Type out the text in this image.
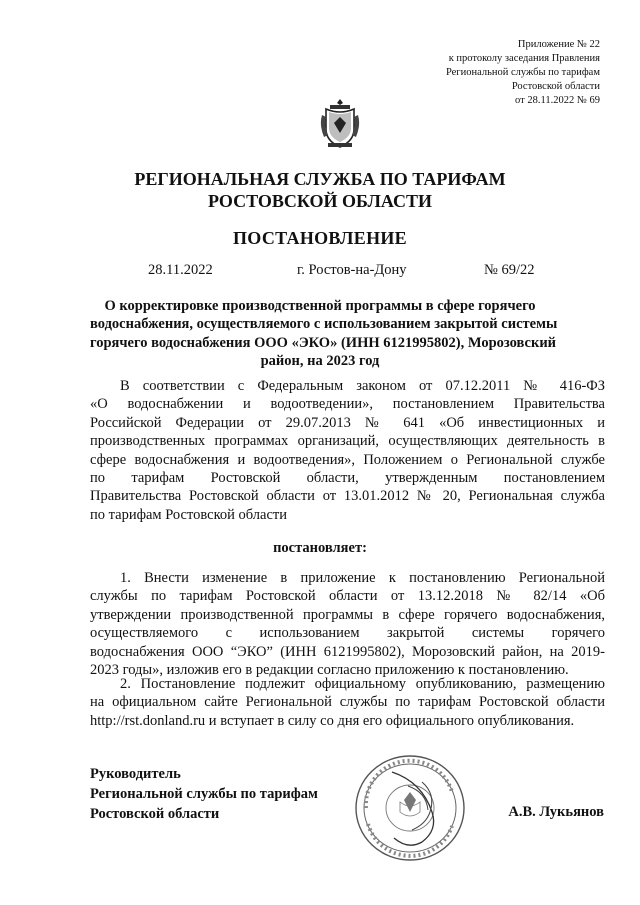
Приложение № 22
к протоколу заседания Правления
Региональной службы по тарифам
Ростовской области
от 28.11.2022 № 69
РЕГИОНАЛЬНАЯ СЛУЖБА ПО ТАРИФАМ
РОСТОВСКОЙ ОБЛАСТИ
ПОСТАНОВЛЕНИЕ
28.11.2022	г. Ростов-на-Дону	№ 69/22
О корректировке производственной программы в сфере горячего
водоснабжения, осуществляемого с использованием закрытой системы
горячего водоснабжения ООО «ЭКО» (ИНН 6121995802), Морозовский
район, на 2023 год
В соответствии с Федеральным законом от 07.12.2011 № 416-ФЗ
«О водоснабжении и водоотведении», постановлением Правительства
Российской Федерации от 29.07.2013 № 641 «Об инвестиционных и
производственных программах организаций, осуществляющих деятельность в
сфере водоснабжения и водоотведения», Положением о Региональной службе
по тарифам Ростовской области, утвержденным постановлением
Правительства Ростовской области от 13.01.2012 № 20, Региональная служба
по тарифам Ростовской области
постановляет:
1. Внести изменение в приложение к постановлению Региональной
службы по тарифам Ростовской области от 13.12.2018 № 82/14 «Об
утверждении производственной программы в сфере горячего водоснабжения,
осуществляемого с использованием закрытой системы горячего
водоснабжения ООО “ЭКО” (ИНН 6121995802), Морозовский район, на 2019-
2023 годы», изложив его в редакции согласно приложению к постановлению.
2. Постановление подлежит официальному опубликованию, размещению
на официальном сайте Региональной службы по тарифам Ростовской области
http://rst.donland.ru и вступает в силу со дня его официального опубликования.
Руководитель
Региональной службы по тарифам
Ростовской области	А.В. Лукьянов
